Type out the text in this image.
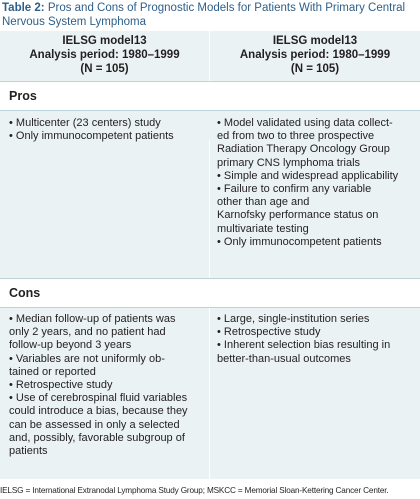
Table 2: Pros and Cons of Prognostic Models for Patients With Primary Central
Nervous System Lymphoma
IELSG model13
Analysis period: 1980–1999
(N = 105)
IELSG model13
Analysis period: 1980–1999
(N = 105)
Pros
• Multicenter (23 centers) study
• Only immunocompetent patients
• Model validated using data collect-
ed from two to three prospective
Radiation Therapy Oncology Group
primary CNS lymphoma trials
• Simple and widespread applicability
• Failure to confirm any variable
other than age and
Karnofsky performance status on
multivariate testing
• Only immunocompetent patients
Cons
• Median follow-up of patients was
only 2 years, and no patient had
follow-up beyond 3 years
• Variables are not uniformly ob-
tained or reported
• Retrospective study
• Use of cerebrospinal fluid variables
could introduce a bias, because they
can be assessed in only a selected
and, possibly, favorable subgroup of
patients
• Large, single-institution series
• Retrospective study
• Inherent selection bias resulting in
better-than-usual outcomes
IELSG = International Extranodal Lymphoma Study Group; MSKCC = Memorial Sloan-Kettering Cancer Center.
